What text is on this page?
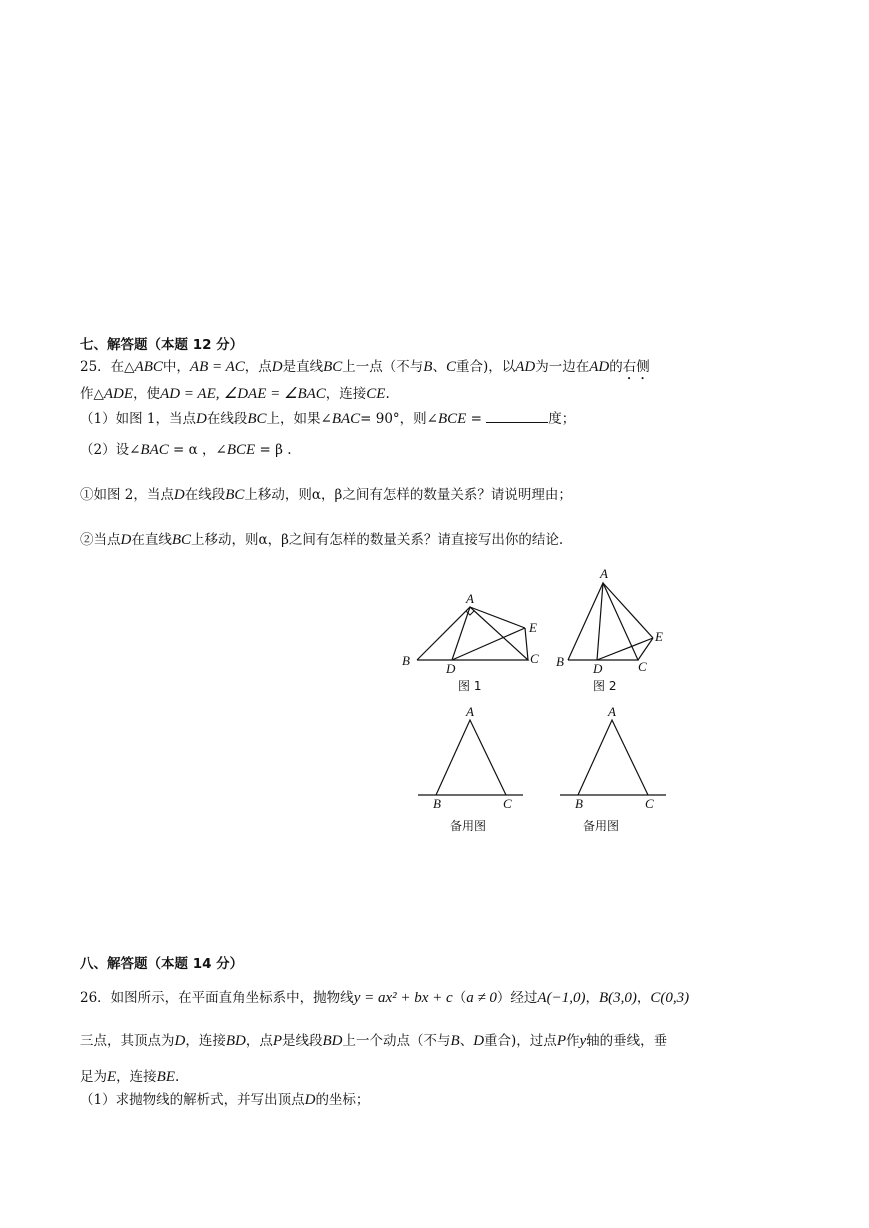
七、解答题（本题 12 分）
25．在△ABC中，AB = AC，点D是直线BC上一点（不与B、C重合)，以AD为一边在AD的右侧
作△ADE，使AD = AE, ∠DAE = ∠BAC，连接CE.
（1）如图 1，当点D在线段BC上，如果∠BAC= 90°，则∠BCE =	度；
（2）设∠BAC = α ，∠BCE = β .
①如图 2，当点D在线段BC上移动，则α，β之间有怎样的数量关系？请说明理由；
②当点D在直线BC上移动，则α，β之间有怎样的数量关系？请直接写出你的结论.
A
B	C
D
E
图 1
A
B	C
D
E
图 2
A
B	C
备用图
A
B	C
备用图
八、解答题（本题 14 分）
26．如图所示，在平面直角坐标系中，抛物线y = ax² + bx + c（a ≠ 0）经过A(−1,0)，B(3,0)，C(0,3)
三点，其顶点为D，连接BD，点P是线段BD上一个动点（不与B、D重合)，过点P作y轴的垂线，垂
足为E，连接BE.
（1）求抛物线的解析式，并写出顶点D的坐标；
